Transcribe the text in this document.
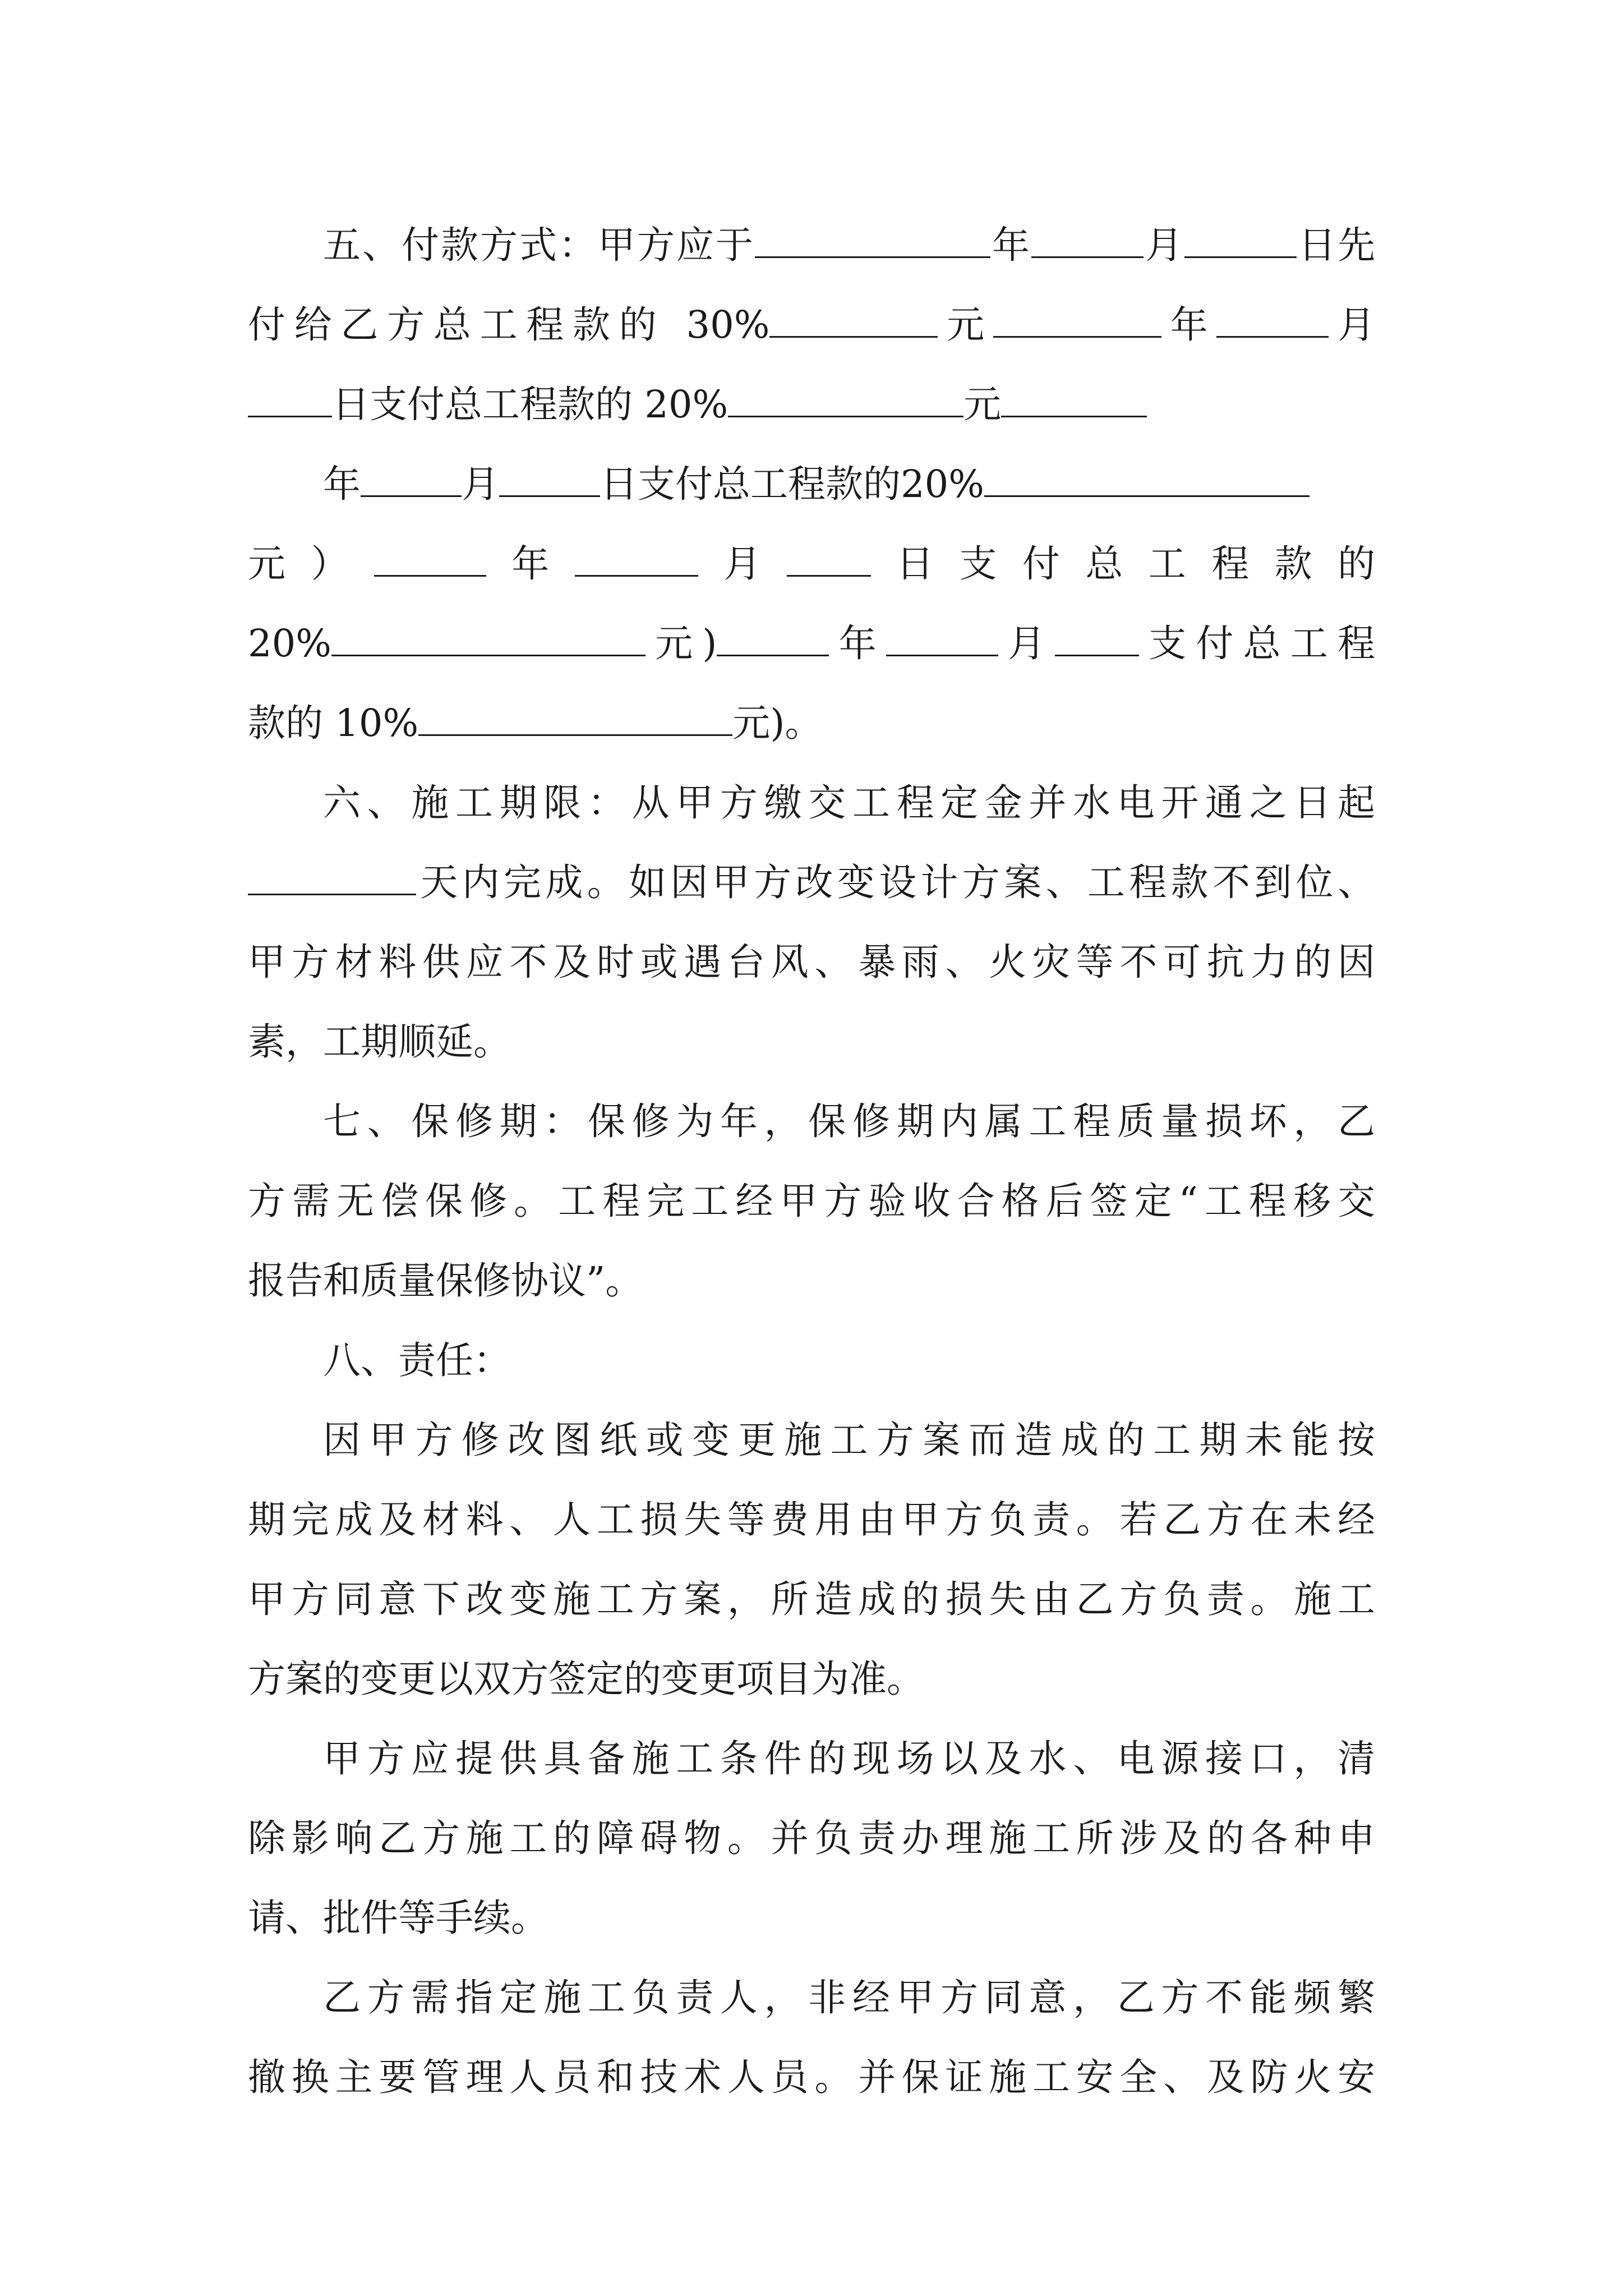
五、付款方式：甲方应于	年	月	日先
付给乙方总工程款的 30%	元	年	月
日支付总工程款的 20%	元
年	月	日支付总工程款的20%
元）	年	月 日支付总工程款的
20%	元)	年	月 支付总工程
款的 10%	元)。
六、施工期限：从甲方缴交工程定金并水电开通之日起
天内完成。如因甲方改变设计方案、工程款不到位、
甲方材料供应不及时或遇台风、暴雨、火灾等不可抗力的因
素，工期顺延。
七、保修期：保修为年，保修期内属工程质量损坏，乙
方需无偿保修。工程完工经甲方验收合格后签定“工程移交
报告和质量保修协议”。
八、责任：
因甲方修改图纸或变更施工方案而造成的工期未能按
期完成及材料、人工损失等费用由甲方负责。若乙方在未经
甲方同意下改变施工方案，所造成的损失由乙方负责。施工
方案的变更以双方签定的变更项目为准。
甲方应提供具备施工条件的现场以及水、电源接口，清
除影响乙方施工的障碍物。并负责办理施工所涉及的各种申
请、批件等手续。
乙方需指定施工负责人，非经甲方同意，乙方不能频繁
撤换主要管理人员和技术人员。并保证施工安全、及防火安
